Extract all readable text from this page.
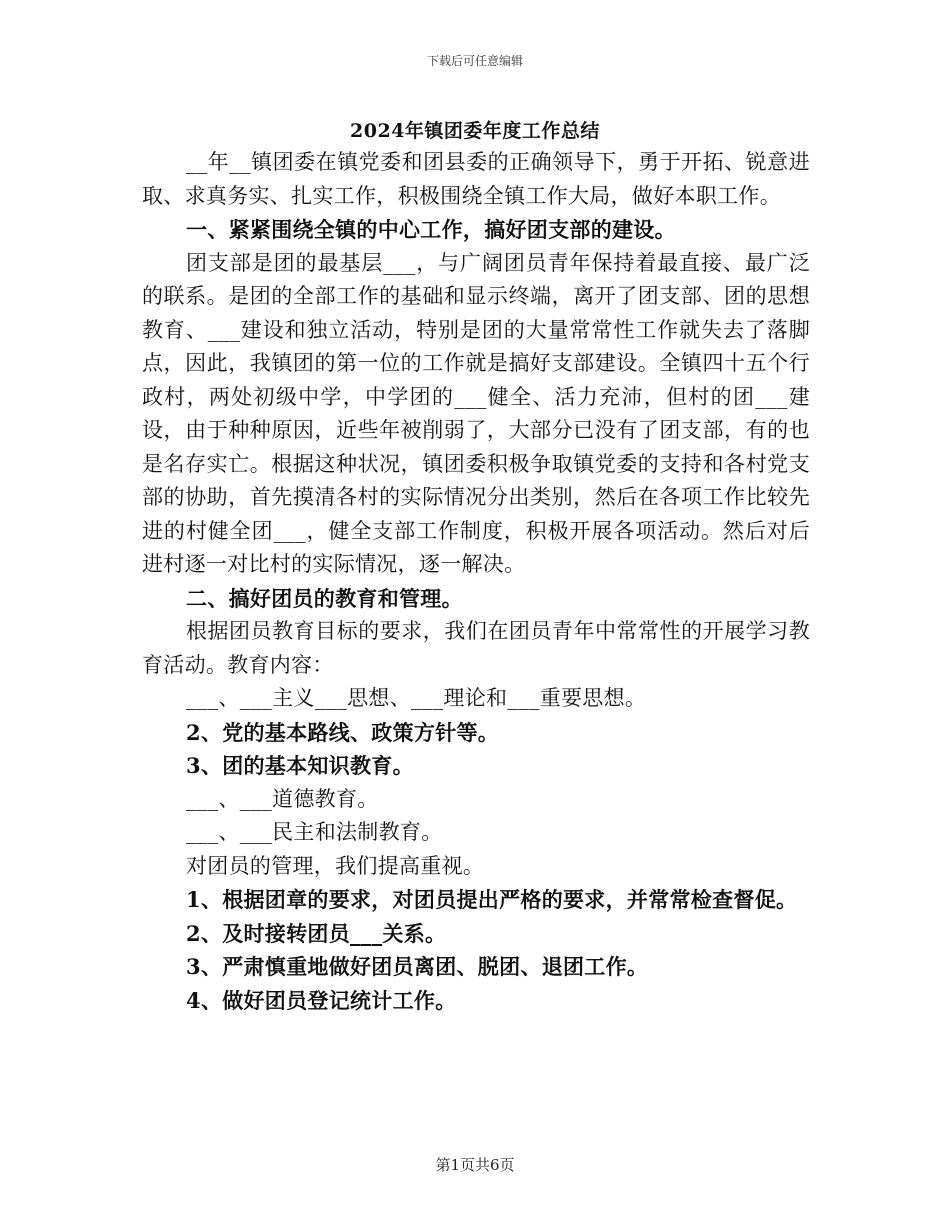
下载后可任意编辑
2024年镇团委年度工作总结

__年__镇团委在镇党委和团县委的正确领导下，勇于开拓、锐意进取、求真务实、扎实工作，积极围绕全镇工作大局，做好本职工作。

一、紧紧围绕全镇的中心工作，搞好团支部的建设。

团支部是团的最基层___，与广阔团员青年保持着最直接、最广泛的联系。是团的全部工作的基础和显示终端，离开了团支部、团的思想教育、___建设和独立活动，特别是团的大量常常性工作就失去了落脚点，因此，我镇团的第一位的工作就是搞好支部建设。全镇四十五个行政村，两处初级中学，中学团的___健全、活力充沛，但村的团___建设，由于种种原因，近些年被削弱了，大部分已没有了团支部，有的也是名存实亡。根据这种状况，镇团委积极争取镇党委的支持和各村党支部的协助，首先摸清各村的实际情况分出类别，然后在各项工作比较先进的村健全团___，健全支部工作制度，积极开展各项活动。然后对后进村逐一对比村的实际情况，逐一解决。

二、搞好团员的教育和管理。

根据团员教育目标的要求，我们在团员青年中常常性的开展学习教育活动。教育内容：

___、___主义___思想、___理论和___重要思想。

2、党的基本路线、政策方针等。

3、团的基本知识教育。

___、___道德教育。

___、___民主和法制教育。

对团员的管理，我们提高重视。

1、根据团章的要求，对团员提出严格的要求，并常常检查督促。

2、及时接转团员___关系。

3、严肃慎重地做好团员离团、脱团、退团工作。

4、做好团员登记统计工作。

第1页共6页
